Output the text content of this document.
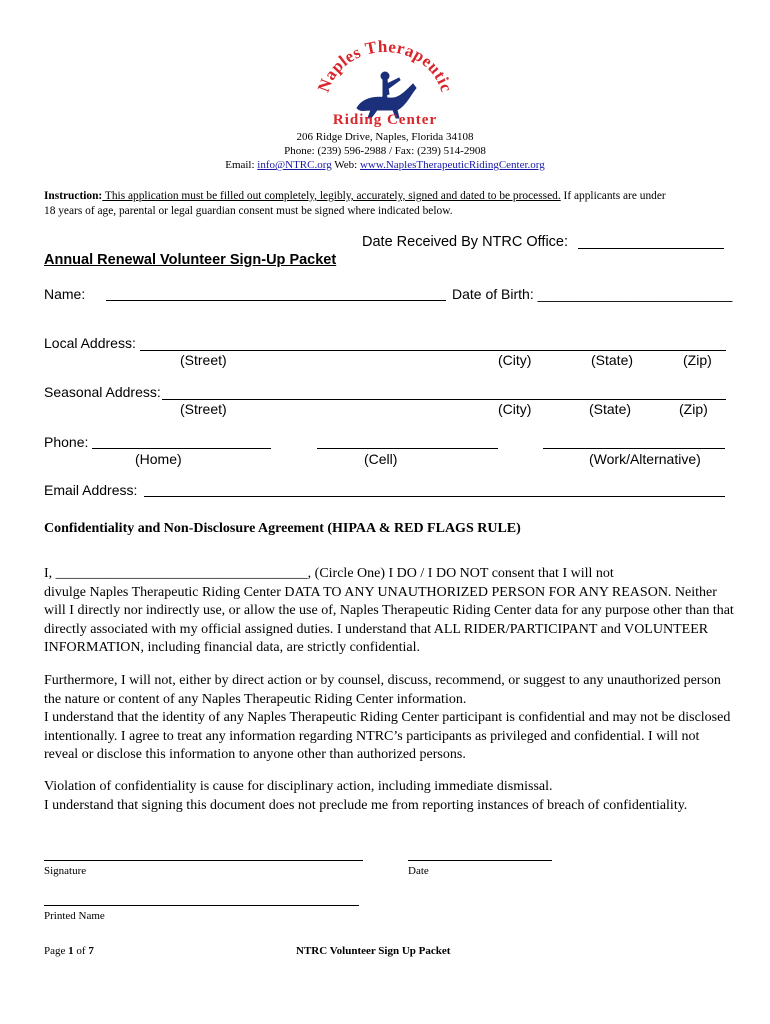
Naples Therapeutic
Riding Center
206 Ridge Drive, Naples, Florida 34108
Phone: (239) 596-2988 / Fax: (239) 514-2908
Email: info@NTRC.org Web: www.NaplesTherapeuticRidingCenter.org
Instruction: This application must be filled out completely, legibly, accurately, signed and dated to be processed. If applicants are under
18 years of age, parental or legal guardian consent must be signed where indicated below.
Date Received By NTRC Office:
Annual Renewal Volunteer Sign-Up Packet
Name:	Date of Birth: _________________________
Local Address:
(Street)	(City)	(State)	(Zip)
Seasonal Address:
(Street)	(City)	(State)	(Zip)
Phone:
(Home)	(Cell)	(Work/Alternative)
Email Address:
Confidentiality and Non-Disclosure Agreement (HIPAA & RED FLAGS RULE)
I, ____________________________________, (Circle One) I DO / I DO NOT consent that I will not
divulge Naples Therapeutic Riding Center DATA TO ANY UNAUTHORIZED PERSON FOR ANY REASON. Neither will I directly nor indirectly use, or allow the use of, Naples Therapeutic Riding Center data for any purpose other than that directly associated with my official assigned duties. I understand that ALL RIDER/PARTICIPANT and VOLUNTEER INFORMATION, including financial data, are strictly confidential.
Furthermore, I will not, either by direct action or by counsel, discuss, recommend, or suggest to any unauthorized person the nature or content of any Naples Therapeutic Riding Center information.
I understand that the identity of any Naples Therapeutic Riding Center participant is confidential and may not be disclosed intentionally. I agree to treat any information regarding NTRC’s participants as privileged and confidential. I will not reveal or disclose this information to anyone other than authorized persons.
Violation of confidentiality is cause for disciplinary action, including immediate dismissal.
I understand that signing this document does not preclude me from reporting instances of breach of confidentiality.
Signature	Date
Printed Name
Page 1 of 7	NTRC Volunteer Sign Up Packet
